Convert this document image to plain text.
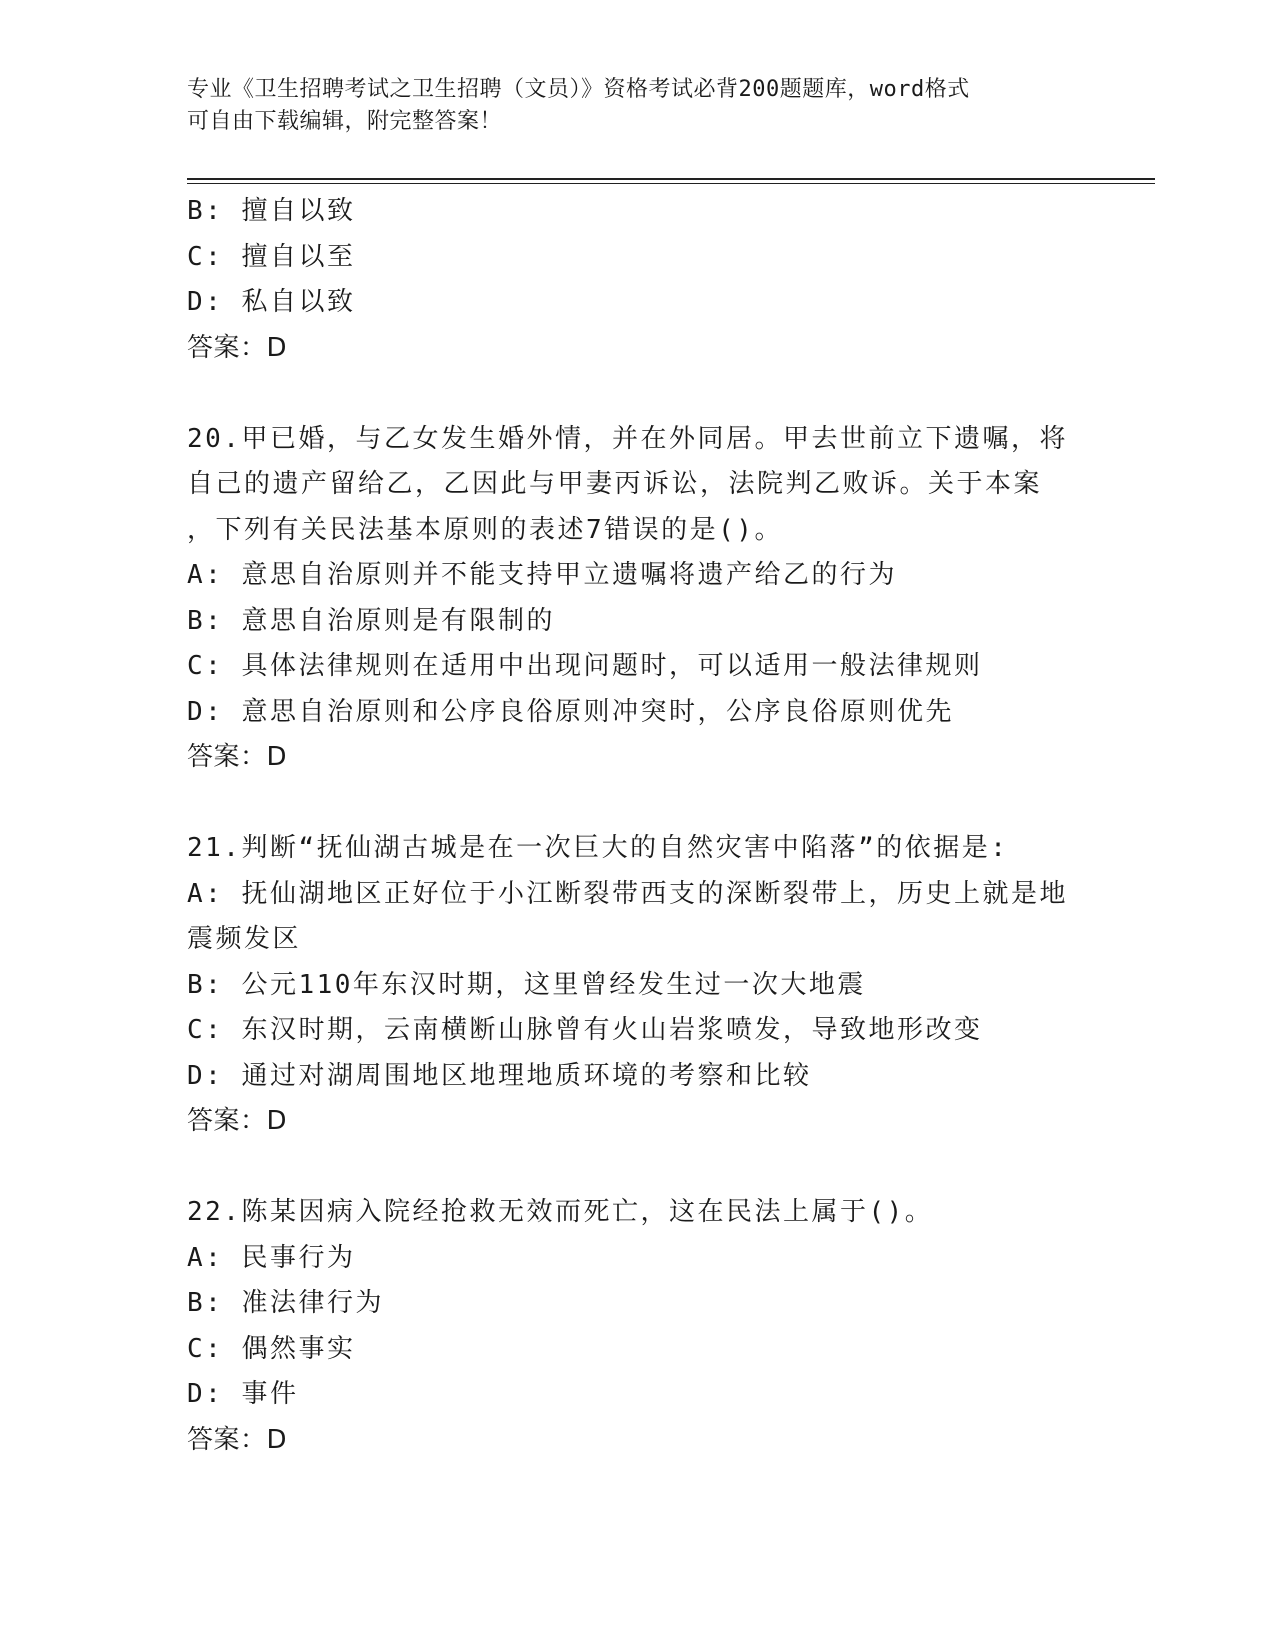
专业《卫生招聘考试之卫生招聘（文员）》资格考试必背200题题库，word格式
可自由下载编辑，附完整答案！
B: 擅自以致
C: 擅自以至
D: 私自以致
答案：D
20.甲已婚，与乙女发生婚外情，并在外同居。甲去世前立下遗嘱，将
自己的遗产留给乙，乙因此与甲妻丙诉讼，法院判乙败诉。关于本案
，下列有关民法基本原则的表述7错误的是()。
A: 意思自治原则并不能支持甲立遗嘱将遗产给乙的行为
B: 意思自治原则是有限制的
C: 具体法律规则在适用中出现问题时，可以适用一般法律规则
D: 意思自治原则和公序良俗原则冲突时，公序良俗原则优先
答案：D
21.判断“抚仙湖古城是在一次巨大的自然灾害中陷落”的依据是:
A: 抚仙湖地区正好位于小江断裂带西支的深断裂带上，历史上就是地
震频发区
B: 公元110年东汉时期，这里曾经发生过一次大地震
C: 东汉时期，云南横断山脉曾有火山岩浆喷发，导致地形改变
D: 通过对湖周围地区地理地质环境的考察和比较
答案：D
22.陈某因病入院经抢救无效而死亡，这在民法上属于()。
A: 民事行为
B: 准法律行为
C: 偶然事实
D: 事件
答案：D
